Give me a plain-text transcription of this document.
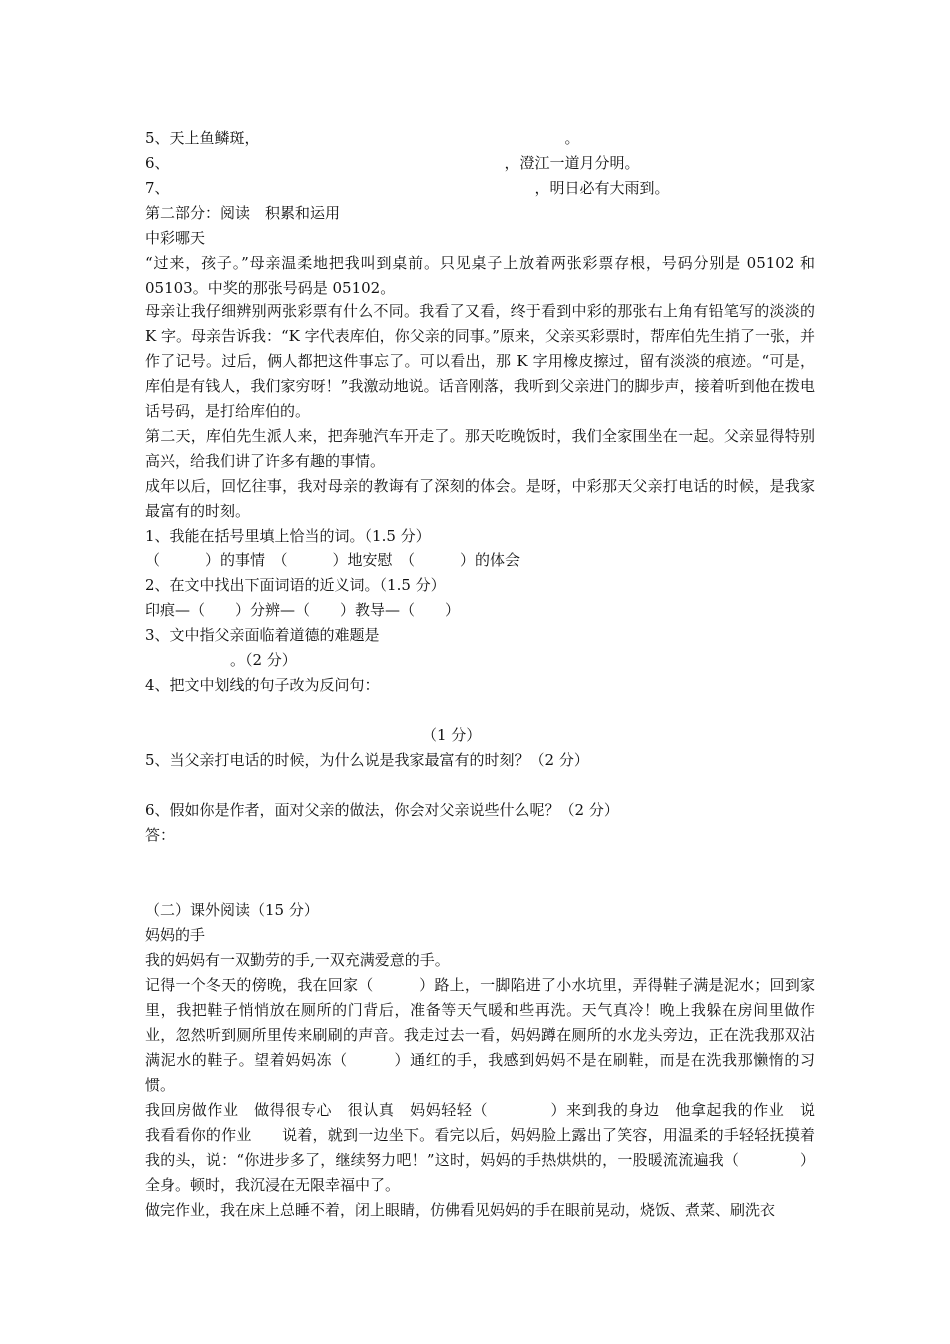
5、天上鱼鳞斑，	。

6、	，澄江一道月分明。

7、	，明日必有大雨到。

第二部分：阅读　积累和运用

中彩哪天

“过来，孩子。”母亲温柔地把我叫到桌前。只见桌子上放着两张彩票存根，号码分别是 05102 和 05103。中奖的那张号码是 05102。

母亲让我仔细辨别两张彩票有什么不同。我看了又看，终于看到中彩的那张右上角有铅笔写的淡淡的 K 字。母亲告诉我：“K 字代表库伯，你父亲的同事。”原来，父亲买彩票时，帮库伯先生捎了一张，并作了记号。过后，俩人都把这件事忘了。可以看出，那 K 字用橡皮擦过，留有淡淡的痕迹。“可是，库伯是有钱人，我们家穷呀！”我激动地说。话音刚落，我听到父亲进门的脚步声，接着听到他在拨电话号码，是打给库伯的。

第二天，库伯先生派人来，把奔驰汽车开走了。那天吃晚饭时，我们全家围坐在一起。父亲显得特别高兴，给我们讲了许多有趣的事情。

成年以后，回忆往事，我对母亲的教诲有了深刻的体会。是呀，中彩那天父亲打电话的时候，是我家最富有的时刻。

1、我能在括号里填上恰当的词。（1.5 分）

（　　　）的事情　（　　　）地安慰　（　　　）的体会

2、在文中找出下面词语的近义词。（1.5 分）

印痕—（　　）分辨—（　　）教导—（　　）

3、文中指父亲面临着道德的难题是

。（2 分）

4、把文中划线的句子改为反问句：

（1 分）

5、当父亲打电话的时候，为什么说是我家最富有的时刻？（2 分）

6、假如你是作者，面对父亲的做法，你会对父亲说些什么呢？（2 分）

答：

（二）课外阅读（15 分）

妈妈的手

我的妈妈有一双勤劳的手,一双充满爱意的手。

记得一个冬天的傍晚，我在回家（　　　）路上，一脚陷进了小水坑里，弄得鞋子满是泥水；回到家里，我把鞋子悄悄放在厕所的门背后，准备等天气暖和些再洗。天气真冷！晚上我躲在房间里做作业，忽然听到厕所里传来刷刷的声音。我走过去一看，妈妈蹲在厕所的水龙头旁边，正在洗我那双沾满泥水的鞋子。望着妈妈冻（　　　）通红的手，我感到妈妈不是在刷鞋，而是在洗我那懒惰的习惯。

我回房做作业　做得很专心　很认真　妈妈轻轻（　　　　）来到我的身边　他拿起我的作业　说　　我看看你的作业　　说着，就到一边坐下。看完以后，妈妈脸上露出了笑容，用温柔的手轻轻抚摸着我的头，说：“你进步多了，继续努力吧！”这时，妈妈的手热烘烘的，一股暖流流遍我（　　　　）全身。顿时，我沉浸在无限幸福中了。

做完作业，我在床上总睡不着，闭上眼睛，仿佛看见妈妈的手在眼前晃动，烧饭、煮菜、刷洗衣
